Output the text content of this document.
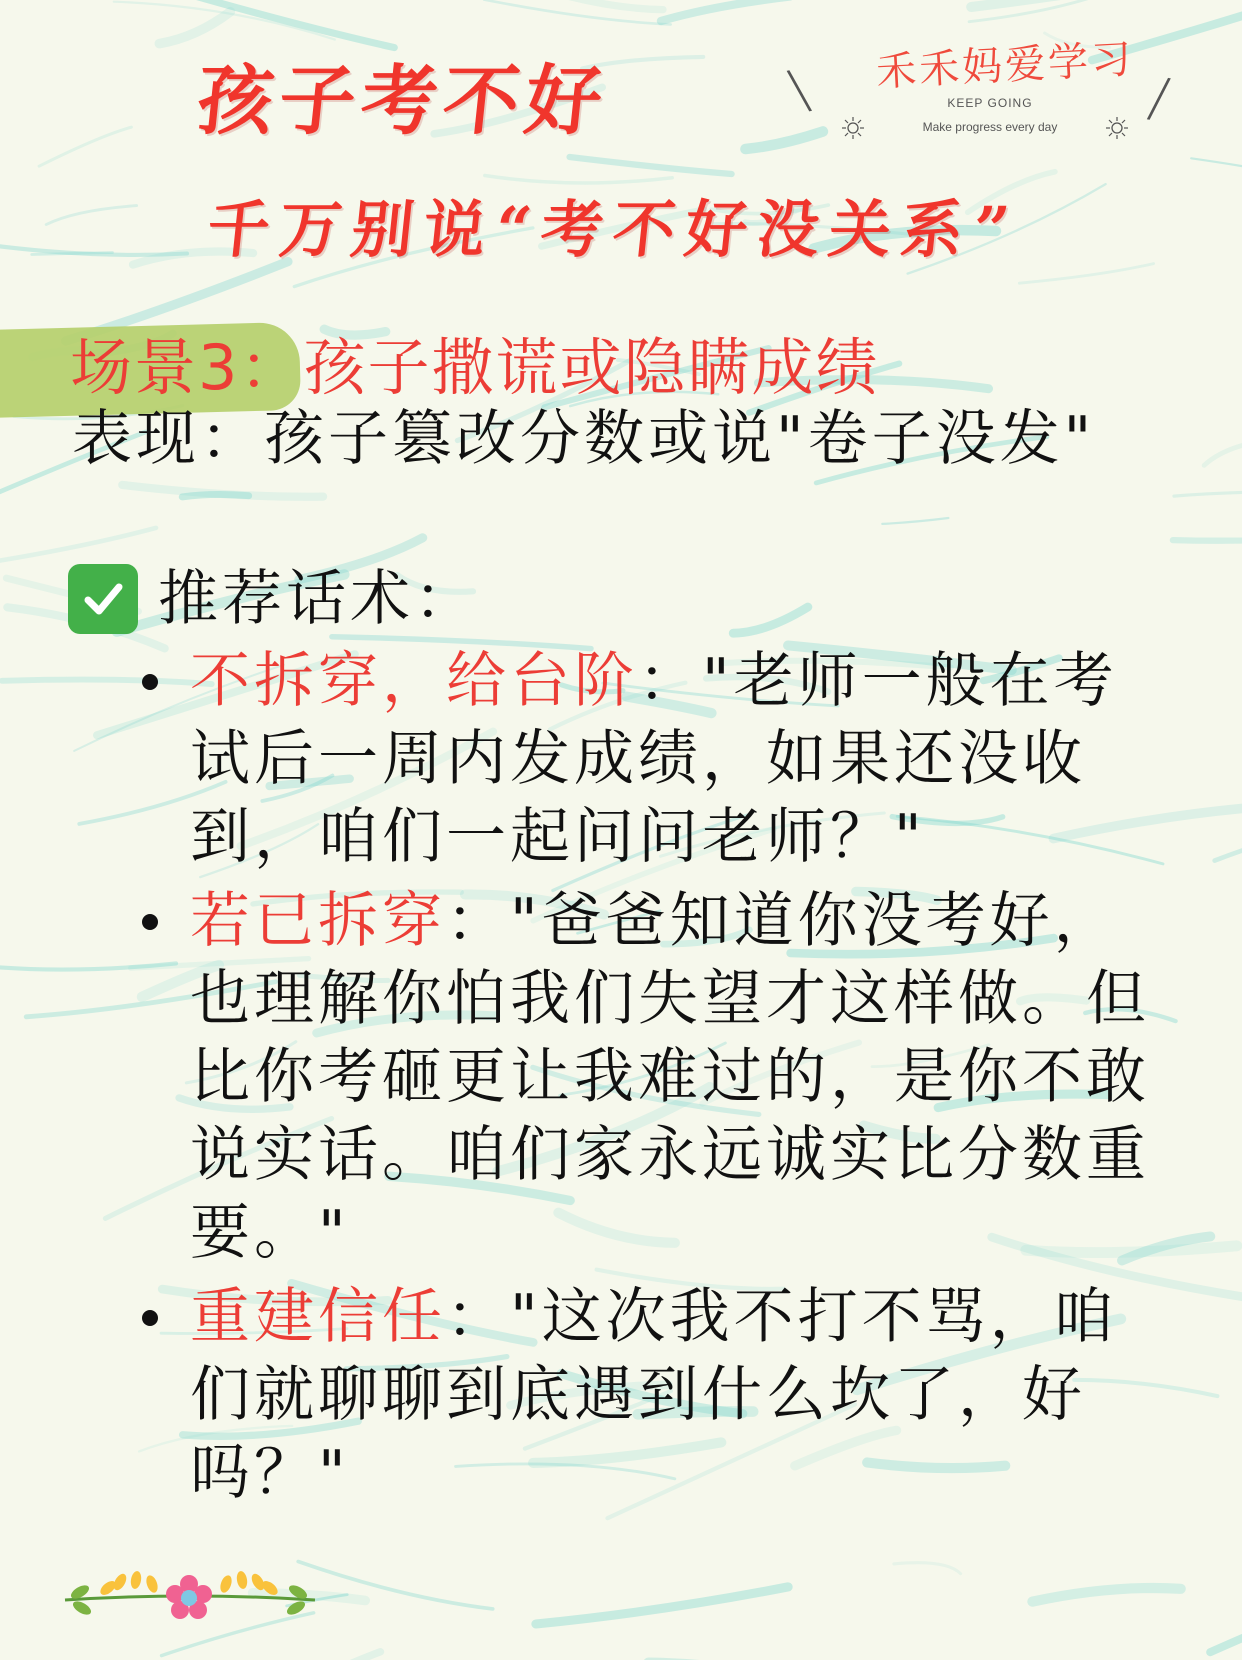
孩子考不好
千万别说“考不好没关系”
\	/
禾禾妈爱学习
KEEP GOING
Make progress every day
场景3：孩子撒谎或隐瞒成绩

表现：孩子篡改分数或说"卷子没发"

推荐话术：
不拆穿，给台阶："老师一般在考试后一周内发成绩，如果还没收到，咱们一起问问老师？"
若已拆穿："爸爸知道你没考好，也理解你怕我们失望才这样做。但比你考砸更让我难过的，是你不敢说实话。咱们家永远诚实比分数重要。"
重建信任："这次我不打不骂，咱们就聊聊到底遇到什么坎了，好吗？"
